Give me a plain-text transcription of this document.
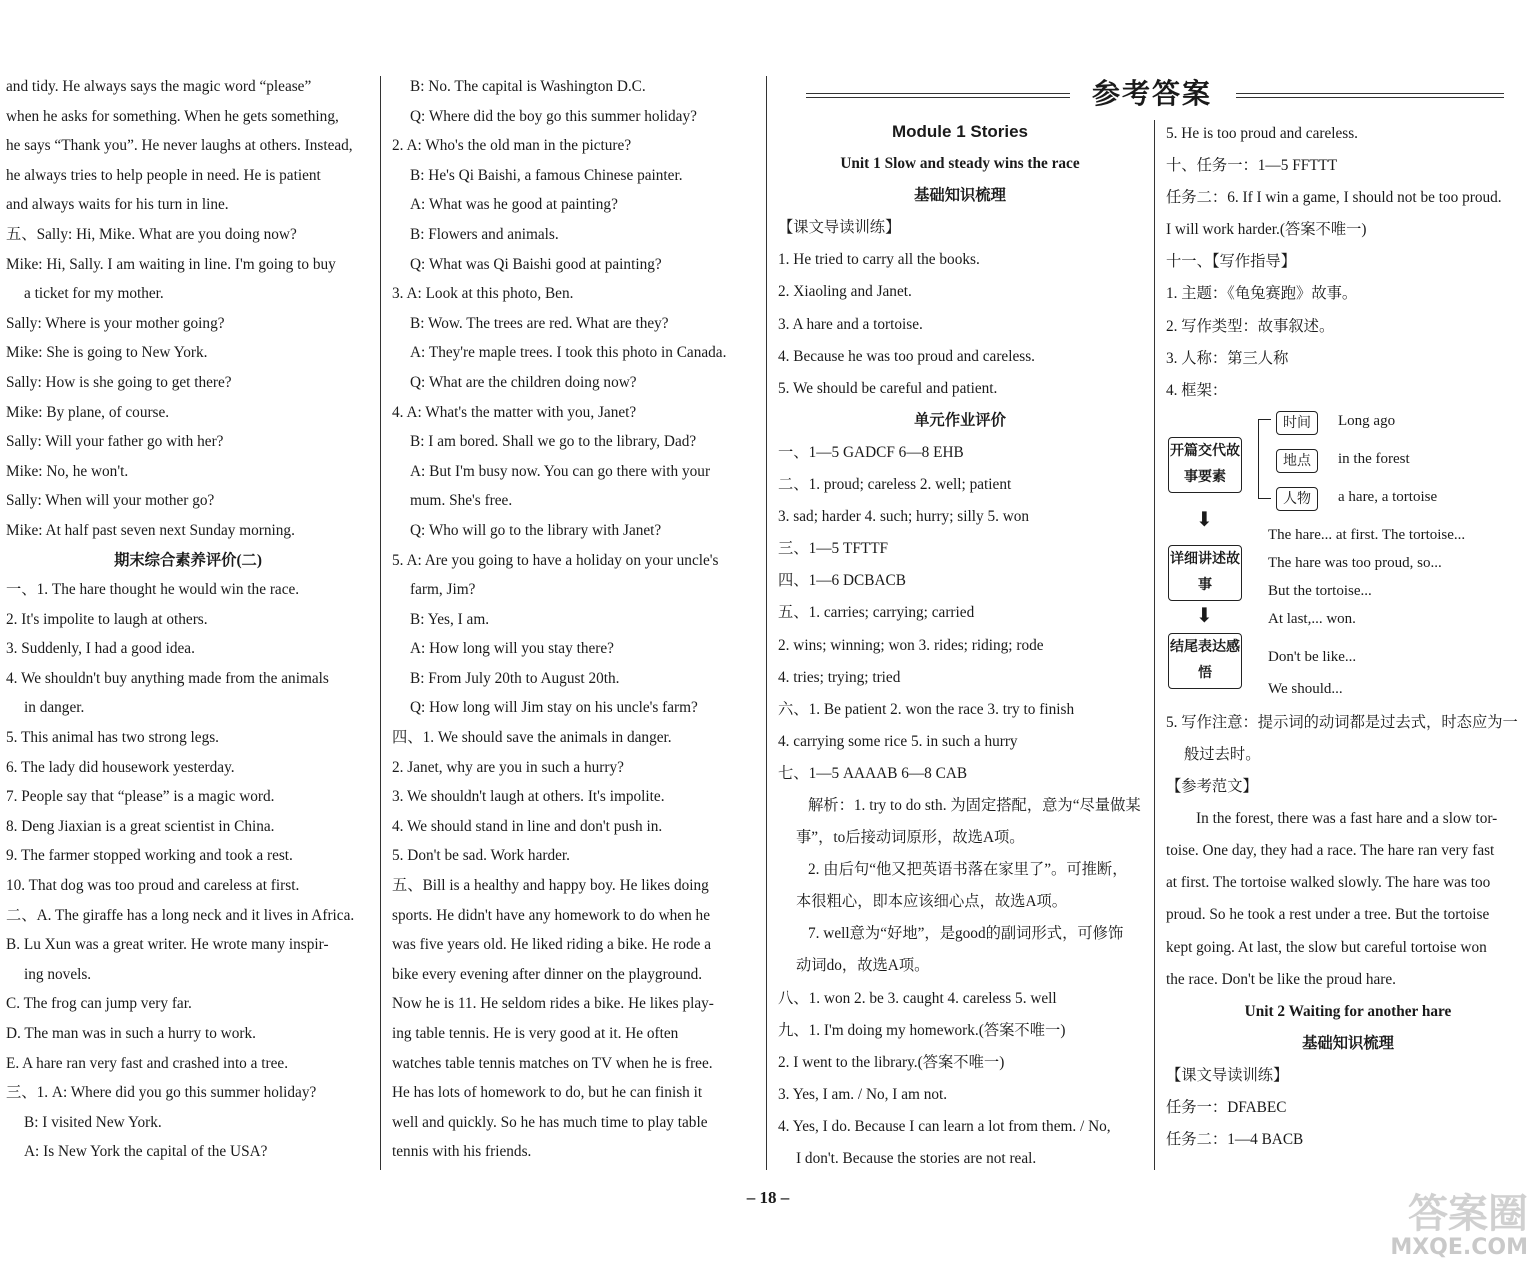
参考答案
and tidy. He always says the magic word “please”
when he asks for something. When he gets something,
he says “Thank you”. He never laughs at others. Instead,
he always tries to help people in need. He is patient
and always waits for his turn in line.
五、Sally: Hi, Mike. What are you doing now?
Mike: Hi, Sally. I am waiting in line. I'm going to buy
a ticket for my mother.
Sally: Where is your mother going?
Mike: She is going to New York.
Sally: How is she going to get there?
Mike: By plane, of course.
Sally: Will your father go with her?
Mike: No, he won't.
Sally: When will your mother go?
Mike: At half past seven next Sunday morning.
期末综合素养评价(二)
一、1. The hare thought he would win the race.
2. It's impolite to laugh at others.
3. Suddenly, I had a good idea.
4. We shouldn't buy anything made from the animals
in danger.
5. This animal has two strong legs.
6. The lady did housework yesterday.
7. People say that “please” is a magic word.
8. Deng Jiaxian is a great scientist in China.
9. The farmer stopped working and took a rest.
10. That dog was too proud and careless at first.
二、A. The giraffe has a long neck and it lives in Africa.
B. Lu Xun was a great writer. He wrote many inspir-
ing novels.
C. The frog can jump very far.
D. The man was in such a hurry to work.
E. A hare ran very fast and crashed into a tree.
三、1. A: Where did you go this summer holiday?
B: I visited New York.
A: Is New York the capital of the USA?
B: No. The capital is Washington D.C.
Q: Where did the boy go this summer holiday?
2. A: Who's the old man in the picture?
B: He's Qi Baishi, a famous Chinese painter.
A: What was he good at painting?
B: Flowers and animals.
Q: What was Qi Baishi good at painting?
3. A: Look at this photo, Ben.
B: Wow. The trees are red. What are they?
A: They're maple trees. I took this photo in Canada.
Q: What are the children doing now?
4. A: What's the matter with you, Janet?
B: I am bored. Shall we go to the library, Dad?
A: But I'm busy now. You can go there with your
mum. She's free.
Q: Who will go to the library with Janet?
5. A: Are you going to have a holiday on your uncle's
farm, Jim?
B: Yes, I am.
A: How long will you stay there?
B: From July 20th to August 20th.
Q: How long will Jim stay on his uncle's farm?
四、1. We should save the animals in danger.
2. Janet, why are you in such a hurry?
3. We shouldn't laugh at others. It's impolite.
4. We should stand in line and don't push in.
5. Don't be sad. Work harder.
五、Bill is a healthy and happy boy. He likes doing
sports. He didn't have any homework to do when he
was five years old. He liked riding a bike. He rode a
bike every evening after dinner on the playground.
Now he is 11. He seldom rides a bike. He likes play-
ing table tennis. He is very good at it. He often
watches table tennis matches on TV when he is free.
He has lots of homework to do, but he can finish it
well and quickly. So he has much time to play table
tennis with his friends.
Module 1 Stories
Unit 1 Slow and steady wins the race
基础知识梳理
【课文导读训练】
1. He tried to carry all the books.
2. Xiaoling and Janet.
3. A hare and a tortoise.
4. Because he was too proud and careless.
5. We should be careful and patient.
单元作业评价
一、1—5 GADCF 6—8 EHB
二、1. proud; careless 2. well; patient
3. sad; harder 4. such; hurry; silly 5. won
三、1—5 TFTTF
四、1—6 DCBACB
五、1. carries; carrying; carried
2. wins; winning; won 3. rides; riding; rode
4. tries; trying; tried
六、1. Be patient 2. won the race 3. try to finish
4. carrying some rice 5. in such a hurry
七、1—5 AAAAB 6—8 CAB
解析：1. try to do sth. 为固定搭配，意为“尽量做某
事”，to后接动词原形，故选A项。
2. 由后句“他又把英语书落在家里了”。可推断，
本很粗心，即本应该细心点，故选A项。
7. well意为“好地”，是good的副词形式，可修饰
动词do，故选A项。
八、1. won 2. be 3. caught 4. careless 5. well
九、1. I'm doing my homework.(答案不唯一)
2. I went to the library.(答案不唯一)
3. Yes, I am. / No, I am not.
4. Yes, I do. Because I can learn a lot from them. / No,
I don't. Because the stories are not real.
5. He is too proud and careless.
十、任务一：1—5 FFTTT
任务二：6. If I win a game, I should not be too proud.
I will work harder.(答案不唯一)
十一、【写作指导】
1. 主题：《龟兔赛跑》故事。
2. 写作类型：故事叙述。
3. 人称：第三人称
4. 框架：
开篇交代故事要素
时间	Long ago
地点	in the forest
人物	a hare, a tortoise
⬇
详细讲述故事
The hare... at first. The tortoise...
The hare was too proud, so...
But the tortoise...
At last,... won.
⬇
结尾表达感悟
Don't be like...
We should...
5. 写作注意：提示词的动词都是过去式，时态应为一
般过去时。
【参考范文】
In the forest, there was a fast hare and a slow tor-
toise. One day, they had a race. The hare ran very fast
at first. The tortoise walked slowly. The hare was too
proud. So he took a rest under a tree. But the tortoise
kept going. At last, the slow but careful tortoise won
the race. Don't be like the proud hare.
Unit 2 Waiting for another hare
基础知识梳理
【课文导读训练】
任务一：DFABEC
任务二：1—4 BACB
– 18 –	答案圈
MXQE.COM
